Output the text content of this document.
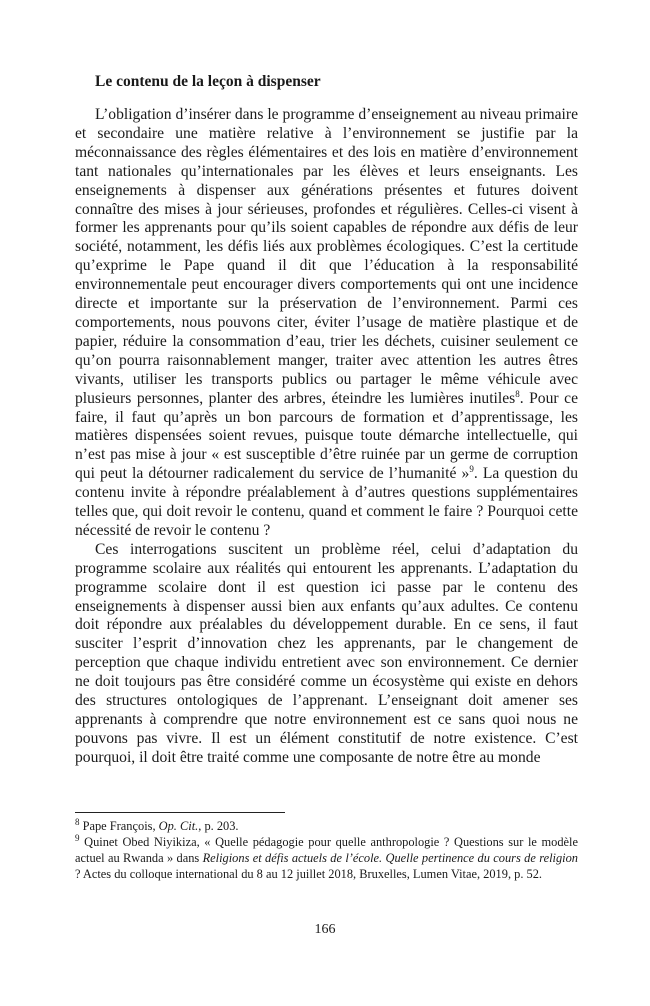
Le contenu de la leçon à dispenser

L’obligation d’insérer dans le programme d’enseignement au niveau primaire et secondaire une matière relative à l’environnement se justifie par la méconnaissance des règles élémentaires et des lois en matière d’environnement tant nationales qu’internationales par les élèves et leurs enseignants. Les enseignements à dispenser aux générations présentes et futures doivent connaître des mises à jour sérieuses, profondes et régulières. Celles-ci visent à former les apprenants pour qu’ils soient capables de répondre aux défis de leur société, notamment, les défis liés aux problèmes écologiques. C’est la certitude qu’exprime le Pape quand il dit que l’éducation à la responsabilité environnementale peut encourager divers comportements qui ont une incidence directe et importante sur la préservation de l’environnement. Parmi ces comportements, nous pouvons citer, éviter l’usage de matière plastique et de papier, réduire la consommation d’eau, trier les déchets, cuisiner seulement ce qu’on pourra raisonnablement manger, traiter avec attention les autres êtres vivants, utiliser les transports publics ou partager le même véhicule avec plusieurs personnes, planter des arbres, éteindre les lumières inutiles$^8$. Pour ce faire, il faut qu’après un bon parcours de formation et d’apprentissage, les matières dispensées soient revues, puisque toute démarche intellectuelle, qui n’est pas mise à jour « est susceptible d’être ruinée par un germe de corruption qui peut la détourner radicalement du service de l’humanité »$^9$. La question du contenu invite à répondre préalablement à d’autres questions supplémentaires telles que, qui doit revoir le contenu, quand et comment le faire ? Pourquoi cette nécessité de revoir le contenu ?

Ces interrogations suscitent un problème réel, celui d’adaptation du programme scolaire aux réalités qui entourent les apprenants. L’adaptation du programme scolaire dont il est question ici passe par le contenu des enseignements à dispenser aussi bien aux enfants qu’aux adultes. Ce contenu doit répondre aux préalables du développement durable. En ce sens, il faut susciter l’esprit d’innovation chez les apprenants, par le changement de perception que chaque individu entretient avec son environnement. Ce dernier ne doit toujours pas être considéré comme un écosystème qui existe en dehors des structures ontologiques de l’apprenant. L’enseignant doit amener ses apprenants à comprendre que notre environnement est ce sans quoi nous ne pouvons pas vivre. Il est un élément constitutif de notre existence. C’est pourquoi, il doit être traité comme une composante de notre être au monde

$^8$ Pape François, Op. Cit., p. 203.

$^9$ Quinet Obed Niyikiza, « Quelle pédagogie pour quelle anthropologie ? Questions sur le modèle actuel au Rwanda » dans Religions et défis actuels de l’école. Quelle pertinence du cours de religion ? Actes du colloque international du 8 au 12 juillet 2018, Bruxelles, Lumen Vitae, 2019, p. 52.

166
